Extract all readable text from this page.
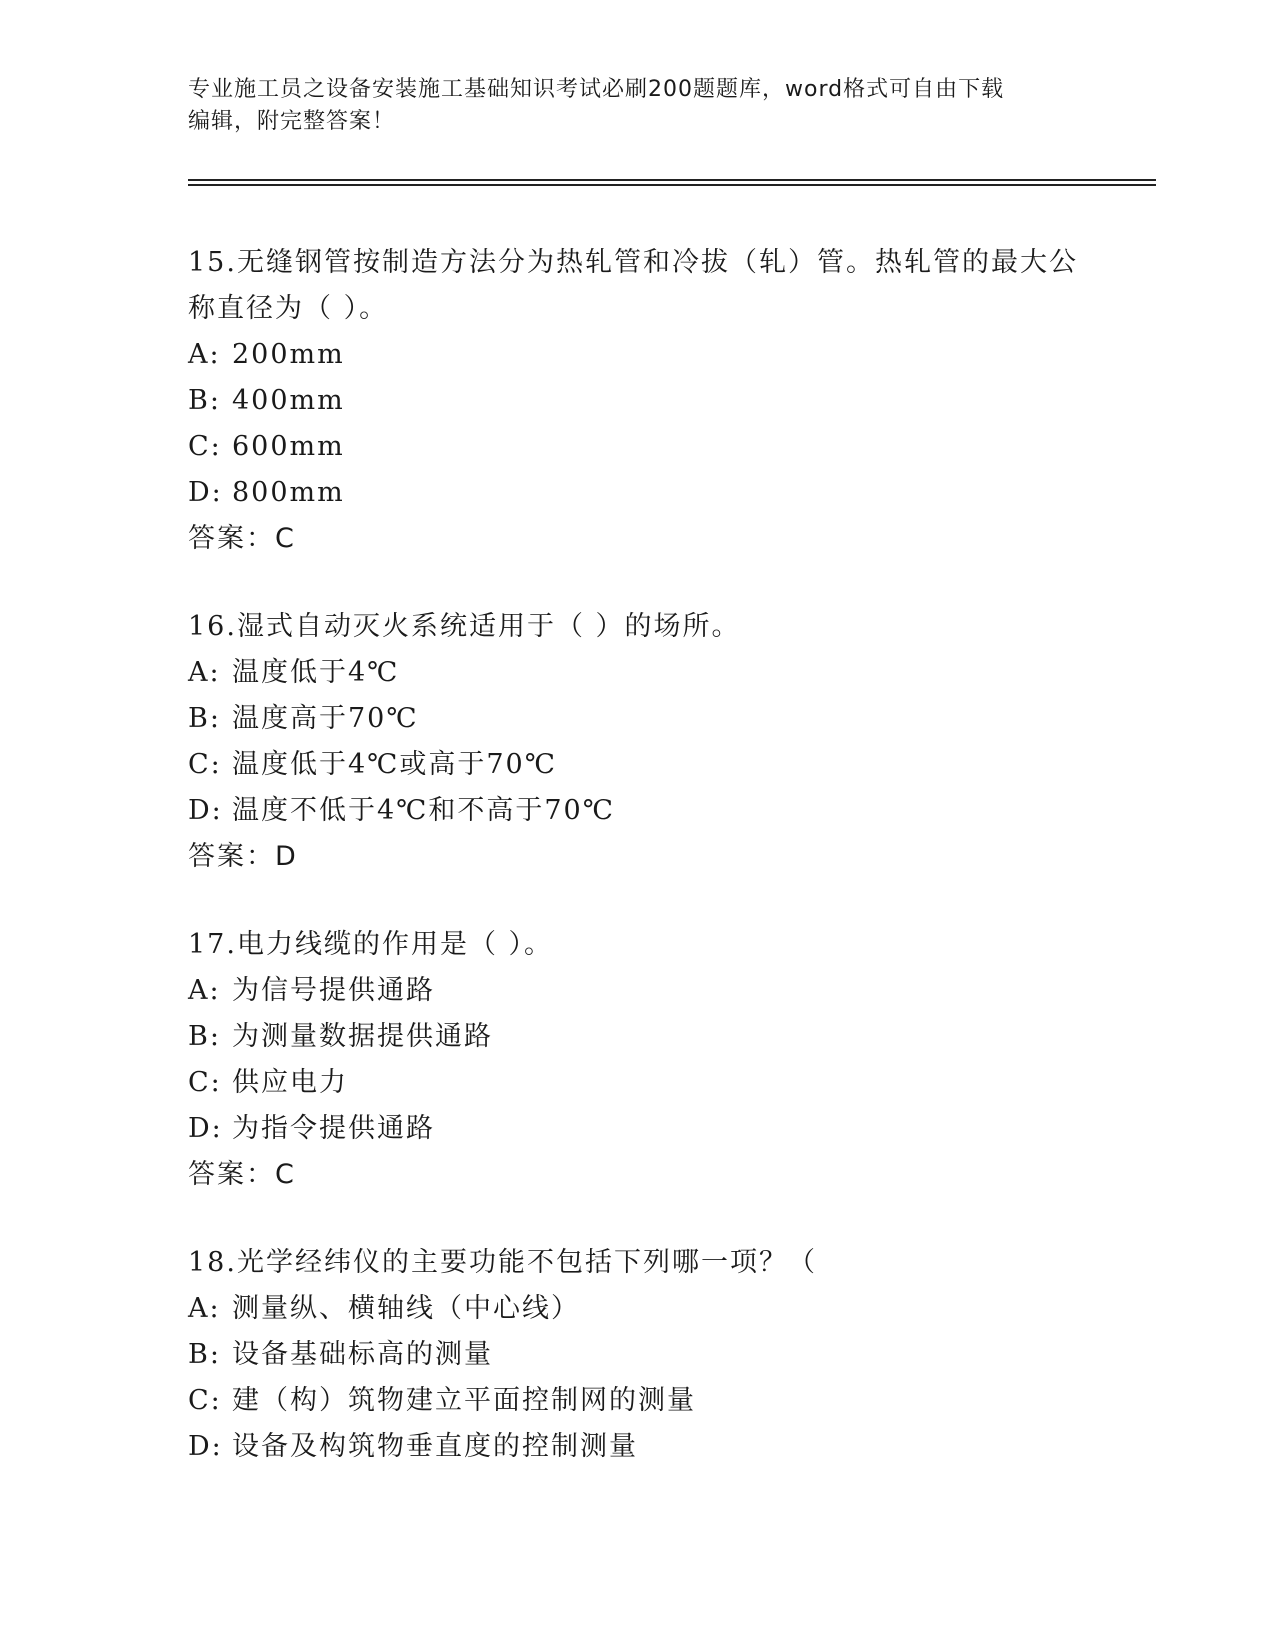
专业施工员之设备安装施工基础知识考试必刷200题题库，word格式可自由下载
编辑，附完整答案！

15.无缝钢管按制造方法分为热轧管和冷拔（轧）管。热轧管的最大公

称直径为（ ）。

A: 200mm

B: 400mm

C: 600mm

D: 800mm

答案：C

16.湿式自动灭火系统适用于（ ）的场所。

A: 温度低于4℃

B: 温度高于70℃

C: 温度低于4℃或高于70℃

D: 温度不低于4℃和不高于70℃

答案：D

17.电力线缆的作用是（ ）。

A: 为信号提供通路

B: 为测量数据提供通路

C: 供应电力

D: 为指令提供通路

答案：C

18.光学经纬仪的主要功能不包括下列哪一项？（

A: 测量纵、横轴线（中心线）

B: 设备基础标高的测量

C: 建（构）筑物建立平面控制网的测量

D: 设备及构筑物垂直度的控制测量
